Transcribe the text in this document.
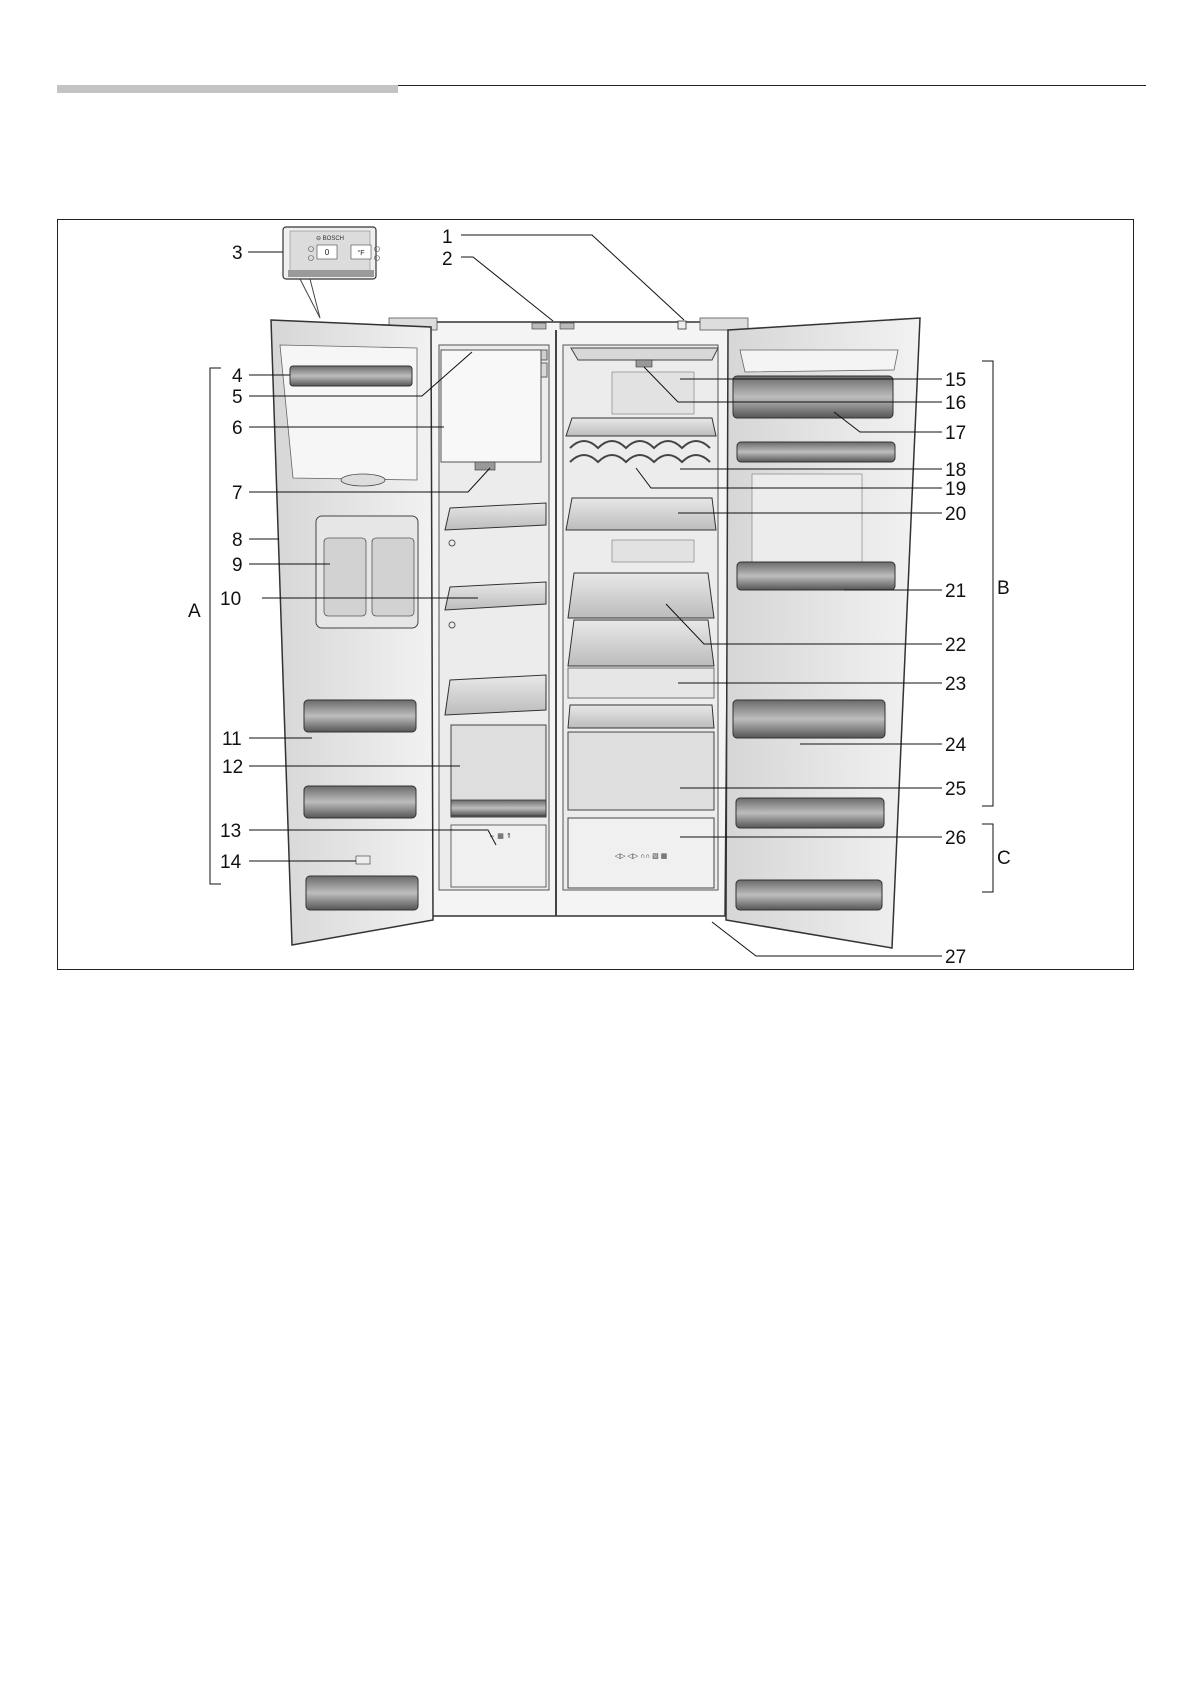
⊖ BOSCH
0	°F
⇔ ▦ ⇑
◁▷ ◁▷ ∩∩ ▧ ▦
1
2
3
4
5
6
7
8
9
10
11
12
13
14
15
16
17
18
19
20
21
22
23
24
25
26
27
A
B
C
